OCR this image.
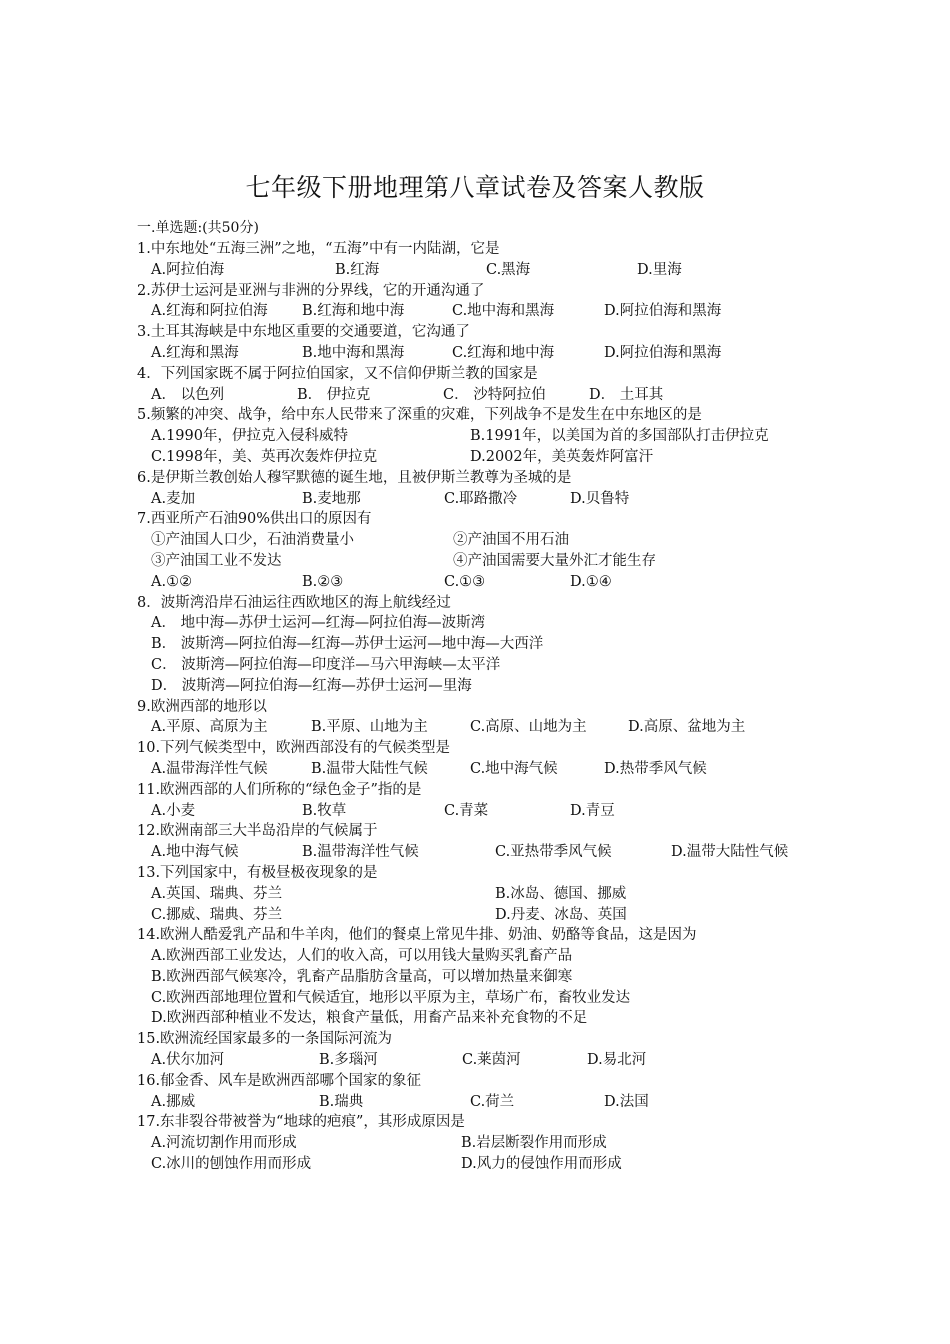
七年级下册地理第八章试卷及答案人教版
一.单选题:(共50分)
1.中东地处“五海三洲”之地，“五海”中有一内陆湖，它是
A.阿拉伯海	B.红海	C.黑海	D.里海
2.苏伊士运河是亚洲与非洲的分界线，它的开通沟通了
A.红海和阿拉伯海 B.红海和地中海	C.地中海和黑海	D.阿拉伯海和黑海
3.土耳其海峡是中东地区重要的交通要道，它沟通了
A.红海和黑海	B.地中海和黑海	C.红海和地中海	D.阿拉伯海和黑海
4．下列国家既不属于阿拉伯国家，又不信仰伊斯兰教的国家是
A． 以色列	B． 伊拉克	C． 沙特阿拉伯	D． 土耳其
5.频繁的冲突、战争，给中东人民带来了深重的灾难，下列战争不是发生在中东地区的是
A.1990年，伊拉克入侵科威特	B.1991年，以美国为首的多国部队打击伊拉克
C.1998年，美、英再次轰炸伊拉克	D.2002年，美英轰炸阿富汗
6.是伊斯兰教创始人穆罕默德的诞生地，且被伊斯兰教尊为圣城的是
A.麦加	B.麦地那	C.耶路撒冷	D.贝鲁特
7.西亚所产石油90%供出口的原因有
①产油国人口少，石油消费量小	②产油国不用石油
③产油国工业不发达	④产油国需要大量外汇才能生存
A.①②	B.②③	C.①③	D.①④
8．波斯湾沿岸石油运往西欧地区的海上航线经过
A． 地中海—苏伊士运河—红海—阿拉伯海—波斯湾
B． 波斯湾—阿拉伯海—红海—苏伊士运河—地中海—大西洋
C． 波斯湾—阿拉伯海—印度洋—马六甲海峡—太平洋
D． 波斯湾—阿拉伯海—红海—苏伊士运河—里海
9.欧洲西部的地形以
A.平原、高原为主	B.平原、山地为主	C.高原、山地为主	D.高原、盆地为主
10.下列气候类型中，欧洲西部没有的气候类型是
A.温带海洋性气候	B.温带大陆性气候	C.地中海气候	D.热带季风气候
11.欧洲西部的人们所称的“绿色金子”指的是
A.小麦	B.牧草	C.青菜	D.青豆
12.欧洲南部三大半岛沿岸的气候属于
A.地中海气候	B.温带海洋性气候	C.亚热带季风气候	D.温带大陆性气候
13.下列国家中，有极昼极夜现象的是
A.英国、瑞典、芬兰	B.冰岛、德国、挪威
C.挪威、瑞典、芬兰	D.丹麦、冰岛、英国
14.欧洲人酷爱乳产品和牛羊肉，他们的餐桌上常见牛排、奶油、奶酪等食品，这是因为
A.欧洲西部工业发达，人们的收入高，可以用钱大量购买乳畜产品
B.欧洲西部气候寒冷，乳畜产品脂肪含量高，可以增加热量来御寒
C.欧洲西部地理位置和气候适宜，地形以平原为主，草场广布，畜牧业发达
D.欧洲西部种植业不发达，粮食产量低，用畜产品来补充食物的不足
15.欧洲流经国家最多的一条国际河流为
A.伏尔加河	B.多瑙河	C.莱茵河	D.易北河
16.郁金香、风车是欧洲西部哪个国家的象征
A.挪威	B.瑞典	C.荷兰	D.法国
17.东非裂谷带被誉为“地球的疤痕”，其形成原因是
A.河流切割作用而形成	B.岩层断裂作用而形成
C.冰川的刨蚀作用而形成	D.风力的侵蚀作用而形成
